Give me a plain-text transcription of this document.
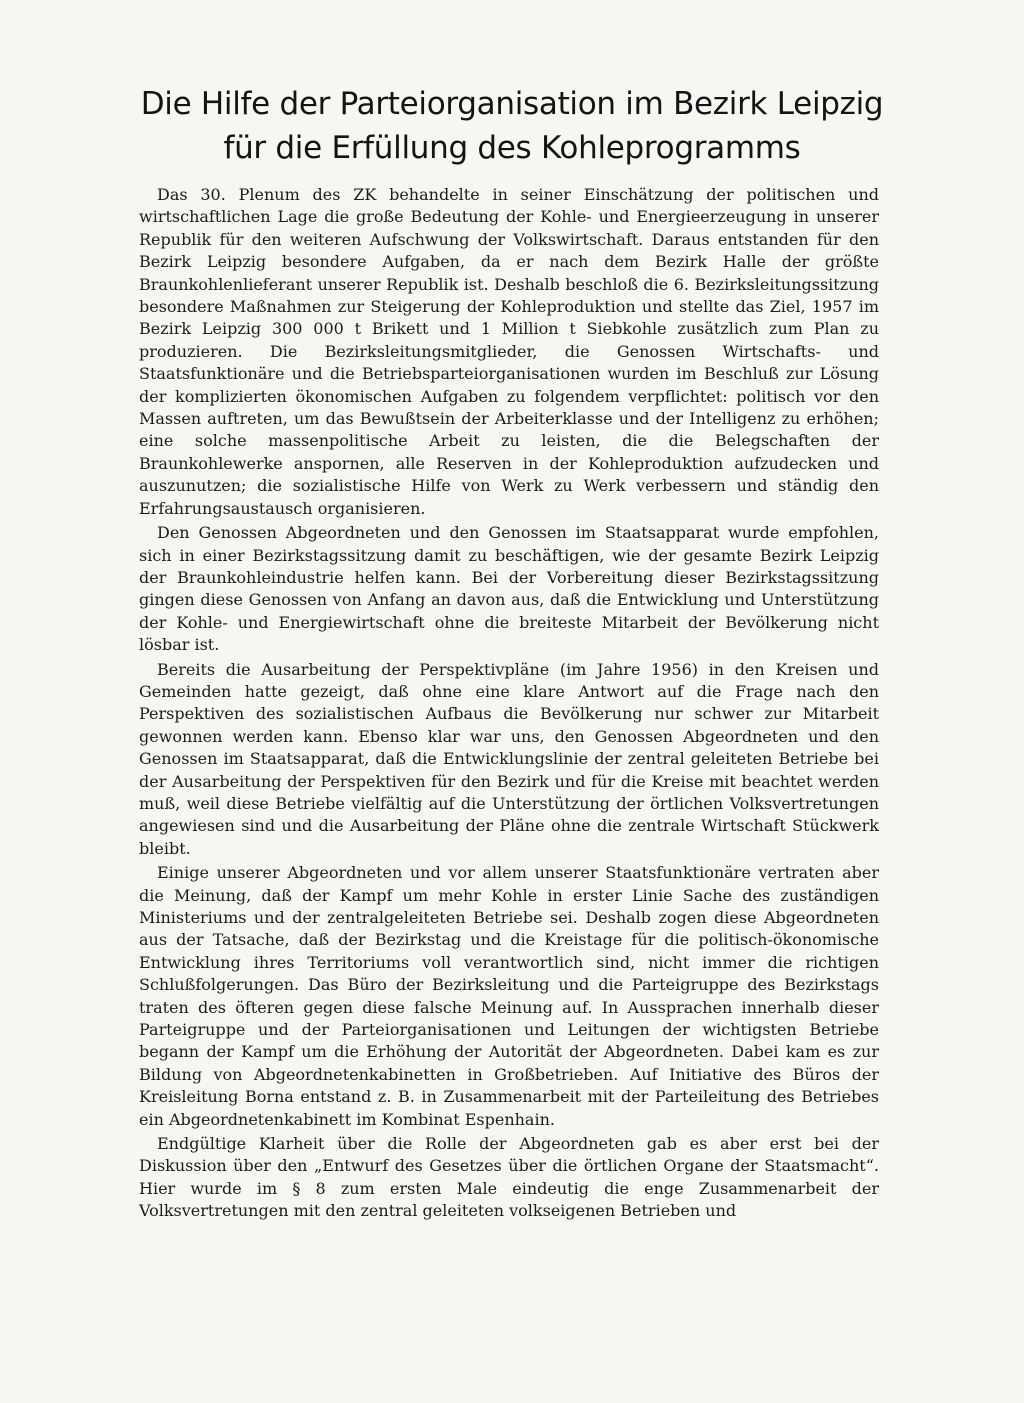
Die Hilfe der Parteiorganisation im Bezirk Leipzig
für die Erfüllung des Kohleprogramms

Das 30. Plenum des ZK behandelte in seiner Einschätzung der politischen und wirtschaftlichen Lage die große Bedeutung der Kohle- und Energieerzeugung in unserer Republik für den weiteren Aufschwung der Volkswirtschaft. Daraus entstanden für den Bezirk Leipzig besondere Aufgaben, da er nach dem Bezirk Halle der größte Braunkohlenlieferant unserer Republik ist. Deshalb beschloß die 6. Bezirksleitungssitzung besondere Maßnahmen zur Steigerung der Kohleproduktion und stellte das Ziel, 1957 im Bezirk Leipzig 300 000 t Brikett und 1 Million t Siebkohle zusätzlich zum Plan zu produzieren. Die Bezirksleitungsmitglieder, die Genossen Wirtschafts- und Staatsfunktionäre und die Betriebsparteiorganisationen wurden im Beschluß zur Lösung der komplizierten ökonomischen Aufgaben zu folgendem verpflichtet: politisch vor den Massen auftreten, um das Bewußtsein der Arbeiterklasse und der Intelligenz zu erhöhen; eine solche massenpolitische Arbeit zu leisten, die die Belegschaften der Braunkohlewerke anspornen, alle Reserven in der Kohleproduktion aufzudecken und auszunutzen; die sozialistische Hilfe von Werk zu Werk verbessern und ständig den Erfahrungsaustausch organisieren.

Den Genossen Abgeordneten und den Genossen im Staatsapparat wurde empfohlen, sich in einer Bezirkstagssitzung damit zu beschäftigen, wie der gesamte Bezirk Leipzig der Braunkohleindustrie helfen kann. Bei der Vorbereitung dieser Bezirkstagssitzung gingen diese Genossen von Anfang an davon aus, daß die Entwicklung und Unterstützung der Kohle- und Energiewirtschaft ohne die breiteste Mitarbeit der Bevölkerung nicht lösbar ist.

Bereits die Ausarbeitung der Perspektivpläne (im Jahre 1956) in den Kreisen und Gemeinden hatte gezeigt, daß ohne eine klare Antwort auf die Frage nach den Perspektiven des sozialistischen Aufbaus die Bevölkerung nur schwer zur Mitarbeit gewonnen werden kann. Ebenso klar war uns, den Genossen Abgeordneten und den Genossen im Staatsapparat, daß die Entwicklungslinie der zentral geleiteten Betriebe bei der Ausarbeitung der Perspektiven für den Bezirk und für die Kreise mit beachtet werden muß, weil diese Betriebe vielfältig auf die Unterstützung der örtlichen Volksvertretungen angewiesen sind und die Ausarbeitung der Pläne ohne die zentrale Wirtschaft Stückwerk bleibt.

Einige unserer Abgeordneten und vor allem unserer Staatsfunktionäre vertraten aber die Meinung, daß der Kampf um mehr Kohle in erster Linie Sache des zuständigen Ministeriums und der zentralgeleiteten Betriebe sei. Deshalb zogen diese Abgeordneten aus der Tatsache, daß der Bezirkstag und die Kreistage für die politisch-ökonomische Entwicklung ihres Territoriums voll verantwortlich sind, nicht immer die richtigen Schlußfolgerungen. Das Büro der Bezirksleitung und die Parteigruppe des Bezirkstags traten des öfteren gegen diese falsche Meinung auf. In Aussprachen innerhalb dieser Parteigruppe und der Parteiorganisationen und Leitungen der wichtigsten Betriebe begann der Kampf um die Erhöhung der Autorität der Abgeordneten. Dabei kam es zur Bildung von Abgeordnetenkabinetten in Großbetrieben. Auf Initiative des Büros der Kreisleitung Borna entstand z. B. in Zusammenarbeit mit der Parteileitung des Betriebes ein Abgeordnetenkabinett im Kombinat Espenhain.

Endgültige Klarheit über die Rolle der Abgeordneten gab es aber erst bei der Diskussion über den „Entwurf des Gesetzes über die örtlichen Organe der Staatsmacht“. Hier wurde im § 8 zum ersten Male eindeutig die enge Zusammenarbeit der Volksvertretungen mit den zentral geleiteten volkseigenen Betrieben und
